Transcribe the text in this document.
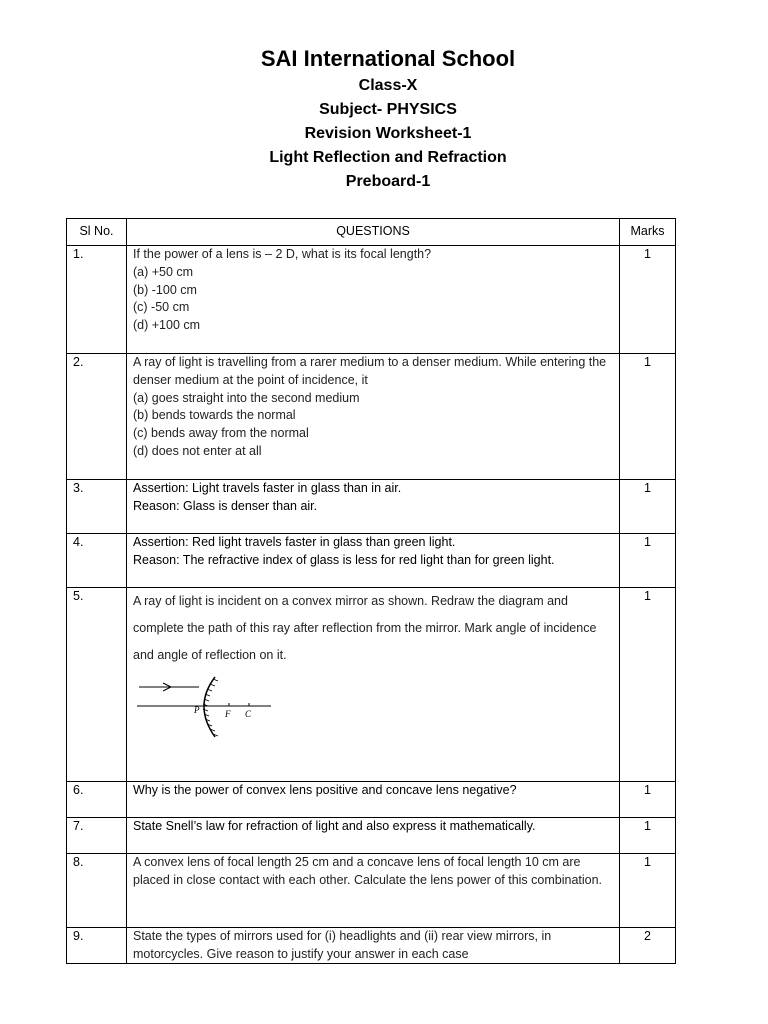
SAI International School
Class-X
Subject- PHYSICS
Revision Worksheet-1
Light Reflection and Refraction
Preboard-1
Sl No.	QUESTIONS	Marks
1.	If the power of a lens is – 2 D, what is its focal length?
(a) +50 cm
(b) -100 cm
(c) -50 cm
(d) +100 cm	1
2.	A ray of light is travelling from a rarer medium to a denser medium. While entering the denser medium at the point of incidence, it
(a) goes straight into the second medium
(b) bends towards the normal
(c) bends away from the normal
(d) does not enter at all	1
3.	Assertion: Light travels faster in glass than in air.
Reason: Glass is denser than air.	1
4.	Assertion: Red light travels faster in glass than green light.
Reason: The refractive index of glass is less for red light than for green light.	1
5.	A ray of light is incident on a convex mirror as shown. Redraw the diagram and complete the path of this ray after reflection from the mirror. Mark angle of incidence and angle of reflection on it.
P F C	1
6.	Why is the power of convex lens positive and concave lens negative?	1
7.	State Snell’s law for refraction of light and also express it mathematically.	1
8.	A convex lens of focal length 25 cm and a concave lens of focal length 10 cm are placed in close contact with each other. Calculate the lens power of this combination.	1
9.	State the types of mirrors used for (i) headlights and (ii) rear view mirrors, in motorcycles. Give reason to justify your answer in each case	2
